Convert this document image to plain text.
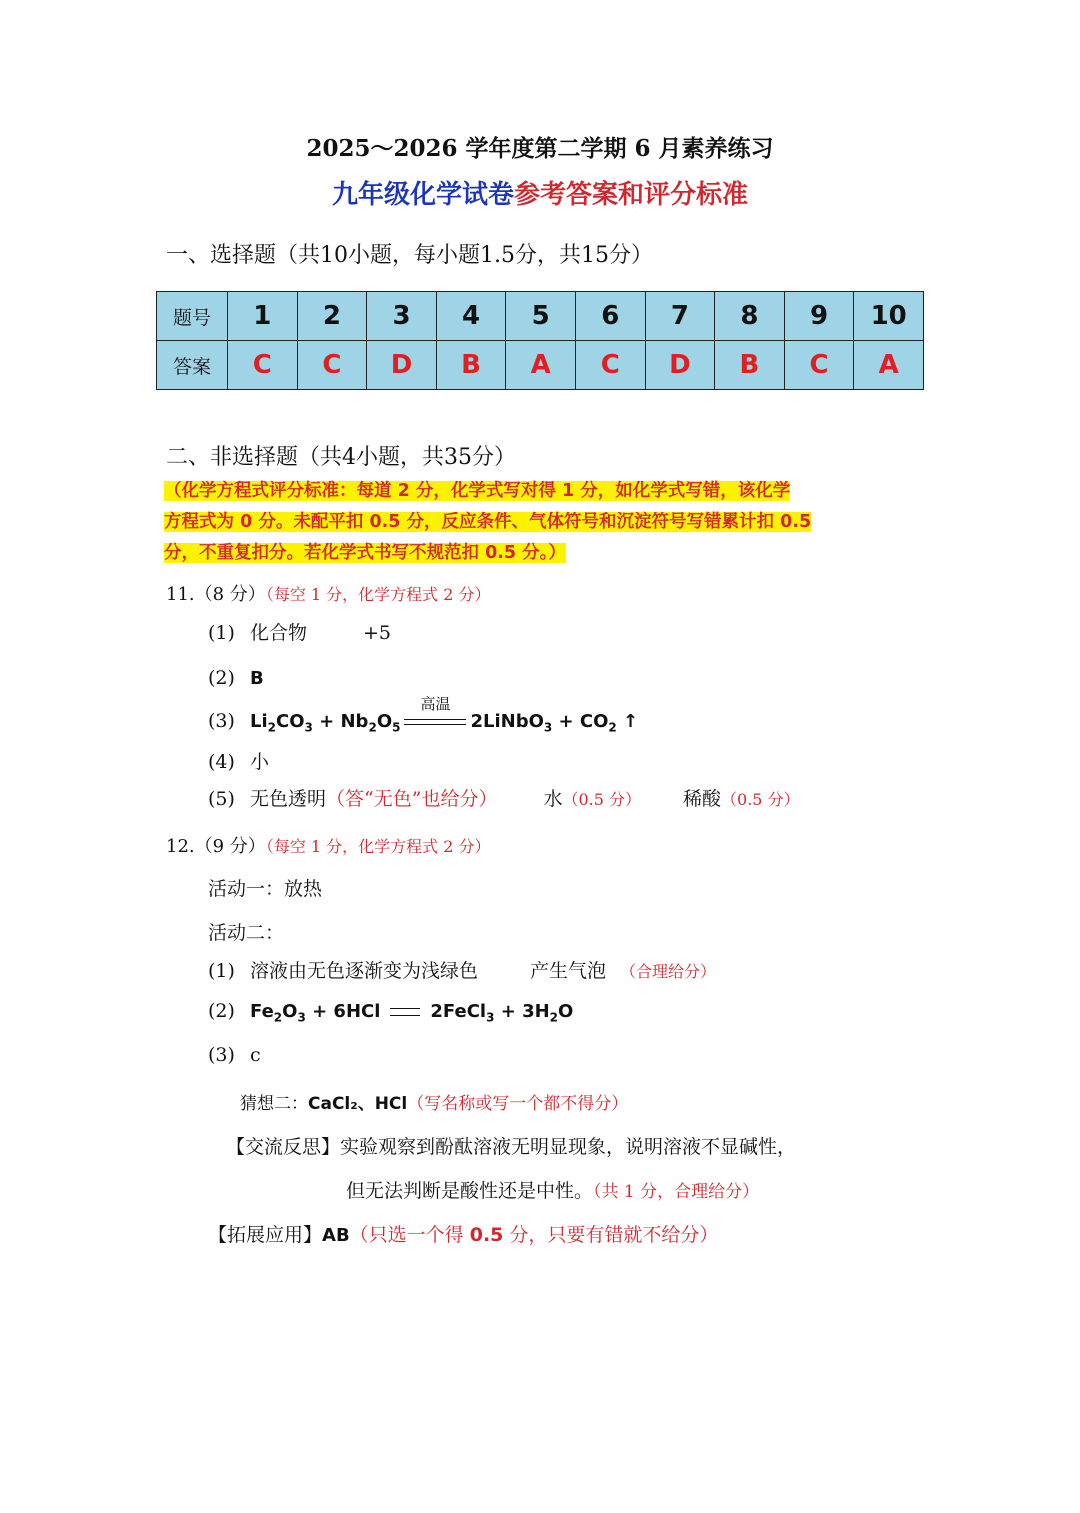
2025～2026 学年度第二学期 6 月素养练习
九年级化学试卷参考答案和评分标准
一、选择题（共10小题，每小题1.5分，共15分）
题号	1	2	3	4	5	6	7	8	9	10
答案	C	C	D	B	A	C	D	B	C	A
二、非选择题（共4小题，共35分）
（化学方程式评分标准：每道 2 分，化学式写对得 1 分，如化学式写错，该化学
方程式为 0 分。未配平扣 0.5 分，反应条件、气体符号和沉淀符号写错累计扣 0.5
分，不重复扣分。若化学式书写不规范扣 0.5 分。）
11.（8 分）（每空 1 分，化学方程式 2 分）
(1) 化合物	+5
(2) B
(3) $Li_2CO_3 + Nb_2O_5$
高温
2LiNbO$_3$ + $CO_2$ ↑
(4) 小
(5) 无色透明（答“无色”也给分） 水（0.5 分） 稀酸（0.5 分）
12.（9 分）（每空 1 分，化学方程式 2 分）
活动一：放热
活动二：
(1) 溶液由无色逐渐变为浅绿色	产生气泡 （合理给分）
(2) $Fe_2O_3 + 6HCl$	2FeCl$_3$ + $3H_2O$
(3) c
猜想二：CaCl₂、HCl（写名称或写一个都不得分）
【交流反思】实验观察到酚酞溶液无明显现象，说明溶液不显碱性，
但无法判断是酸性还是中性。（共 1 分，合理给分）
【拓展应用】AB（只选一个得 0.5 分，只要有错就不给分）
